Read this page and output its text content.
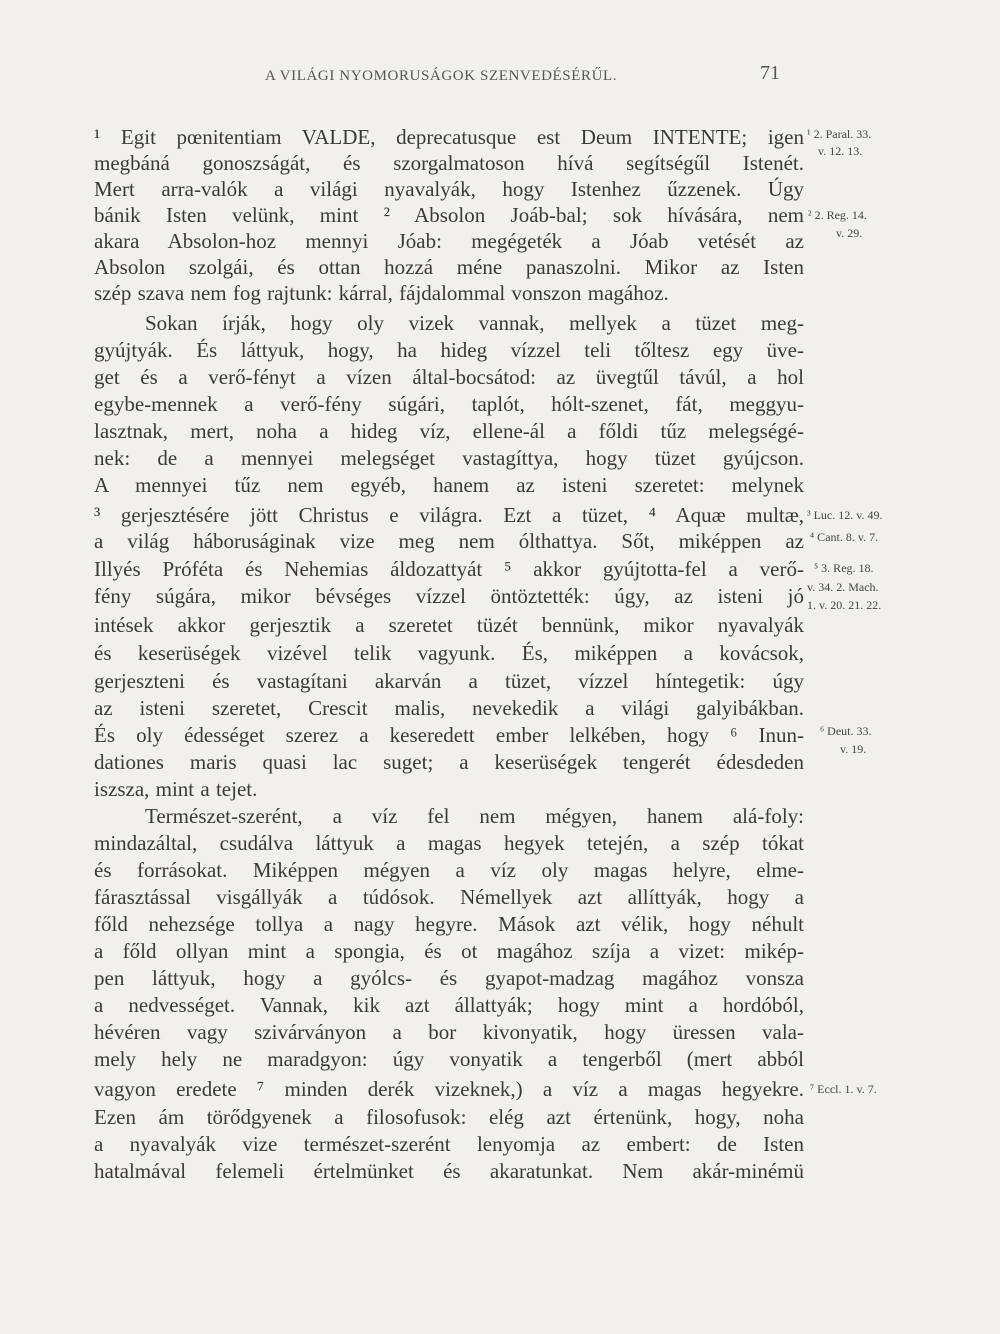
A VILÁGI NYOMORUSÁGOK SZENVEDÉSÉRŰL.	71
¹ Egit pœnitentiam VALDE, deprecatusque est Deum INTENTE; igen
megbáná gonoszságát, és szorgalmatoson hívá segítségűl Istenét.
Mert arra-valók a világi nyavalyák, hogy Istenhez űzzenek. Úgy
bánik Isten velünk, mint ² Absolon Joáb-bal; sok hívására, nem
akara Absolon-hoz mennyi Jóab: megégeték a Jóab vetését az
Absolon szolgái, és ottan hozzá méne panaszolni. Mikor az Isten
szép szava nem fog rajtunk: kárral, fájdalommal vonszon magához.
Sokan írják, hogy oly vizek vannak, mellyek a tüzet meg-
gyújtyák. És láttyuk, hogy, ha hideg vízzel teli tőltesz egy üve-
get és a verő-fényt a vízen által-bocsátod: az üvegtűl távúl, a hol
egybe-mennek a verő-fény súgári, taplót, hólt-szenet, fát, meggyu-
lasztnak, mert, noha a hideg víz, ellene-ál a főldi tűz melegségé-
nek: de a mennyei melegséget vastagíttya, hogy tüzet gyújcson.
A mennyei tűz nem egyéb, hanem az isteni szeretet: melynek
³ gerjesztésére jött Christus e világra. Ezt a tüzet, ⁴ Aquæ multæ,
a világ háboruságinak vize meg nem ólthattya. Sőt, miképpen az
Illyés Próféta és Nehemias áldozattyát ⁵ akkor gyújtotta-fel a verő-
fény súgára, mikor bévséges vízzel öntöztették: úgy, az isteni jó
intések akkor gerjesztik a szeretet tüzét bennünk, mikor nyavalyák
és keserüségek vizével telik vagyunk. És, miképpen a kovácsok,
gerjeszteni és vastagítani akarván a tüzet, vízzel híntegetik: úgy
az isteni szeretet, Crescit malis, nevekedik a világi galyibákban.
És oly édességet szerez a keseredett ember lelkében, hogy ⁶ Inun-
dationes maris quasi lac suget; a keserüségek tengerét édesdeden
iszsza, mint a tejet.
Természet-szerént, a víz fel nem mégyen, hanem alá-foly:
mindazáltal, csudálva láttyuk a magas hegyek tetején, a szép tókat
és forrásokat. Miképpen mégyen a víz oly magas helyre, elme-
fárasztással visgállyák a túdósok. Némellyek azt allíttyák, hogy a
főld nehezsége tollya a nagy hegyre. Mások azt vélik, hogy néhult
a főld ollyan mint a spongia, és ot magához szíja a vizet: mikép-
pen láttyuk, hogy a gyólcs- és gyapot-madzag magához vonsza
a nedvességet. Vannak, kik azt állattyák; hogy mint a hordóból,
hévéren vagy szivárványon a bor kivonyatik, hogy üressen vala-
mely hely ne maradgyon: úgy vonyatik a tengerből (mert abból
vagyon eredete ⁷ minden derék vizeknek,) a víz a magas hegyekre.
Ezen ám törődgyenek a filosofusok: elég azt értenünk, hogy, noha
a nyavalyák vize természet-szerént lenyomja az embert: de Isten
hatalmával felemeli értelmünket és akaratunkat. Nem akár-minémü
¹ 2. Paral. 33.
v. 12. 13.
² 2. Reg. 14.
v. 29.
³ Luc. 12. v. 49.
⁴ Cant. 8. v. 7.
⁵ 3. Reg. 18.
v. 34. 2. Mach.
1. v. 20. 21. 22.
⁶ Deut. 33.
v. 19.
⁷ Eccl. 1. v. 7.
